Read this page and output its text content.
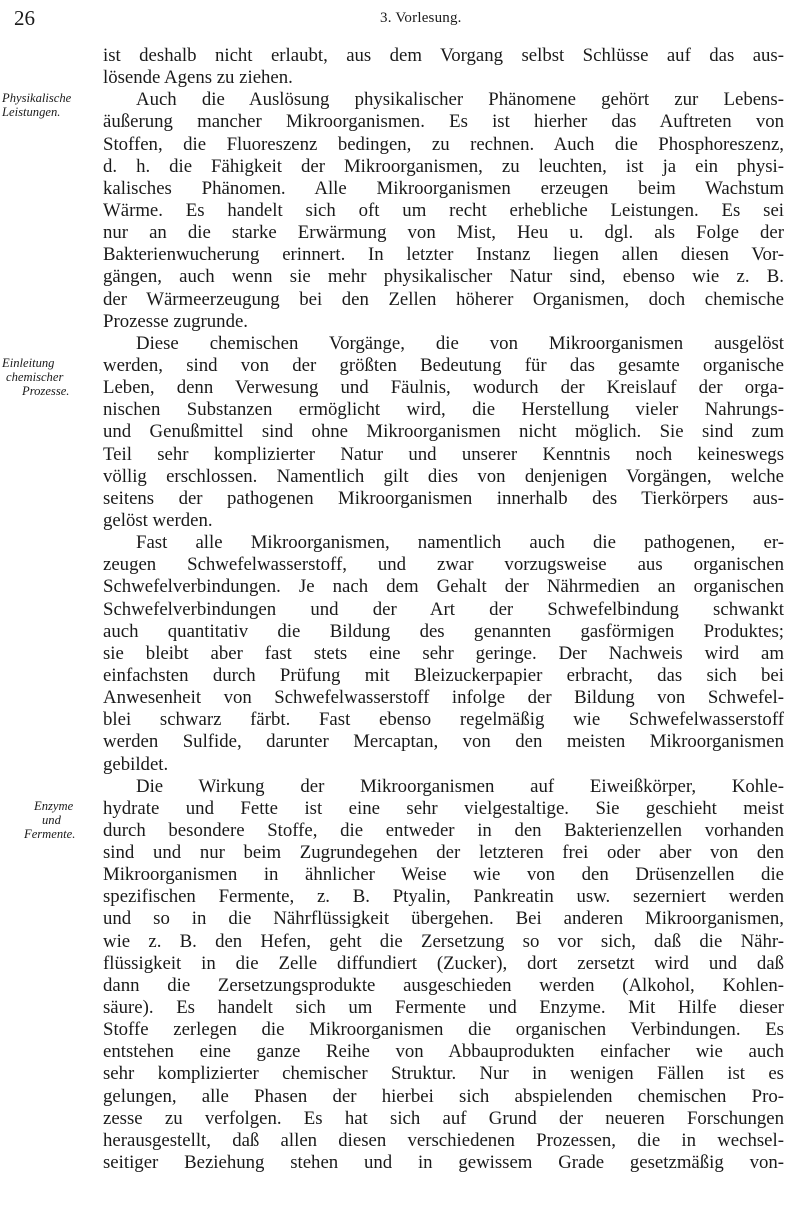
26	3. Vorlesung.
Physikalische
Leistungen.
Einleitung
chemischer
Prozesse.
Enzyme
und
Fermente.
ist deshalb nicht erlaubt, aus dem Vorgang selbst Schlüsse auf das aus-
lösende Agens zu ziehen.
Auch die Auslösung physikalischer Phänomene gehört zur Lebens-
äußerung mancher Mikroorganismen. Es ist hierher das Auftreten von
Stoffen, die Fluoreszenz bedingen, zu rechnen. Auch die Phosphoreszenz,
d. h. die Fähigkeit der Mikroorganismen, zu leuchten, ist ja ein physi-
kalisches Phänomen. Alle Mikroorganismen erzeugen beim Wachstum
Wärme. Es handelt sich oft um recht erhebliche Leistungen. Es sei
nur an die starke Erwärmung von Mist, Heu u. dgl. als Folge der
Bakterienwucherung erinnert. In letzter Instanz liegen allen diesen Vor-
gängen, auch wenn sie mehr physikalischer Natur sind, ebenso wie z. B.
der Wärmeerzeugung bei den Zellen höherer Organismen, doch chemische
Prozesse zugrunde.
Diese chemischen Vorgänge, die von Mikroorganismen ausgelöst
werden, sind von der größten Bedeutung für das gesamte organische
Leben, denn Verwesung und Fäulnis, wodurch der Kreislauf der orga-
nischen Substanzen ermöglicht wird, die Herstellung vieler Nahrungs-
und Genußmittel sind ohne Mikroorganismen nicht möglich. Sie sind zum
Teil sehr komplizierter Natur und unserer Kenntnis noch keineswegs
völlig erschlossen. Namentlich gilt dies von denjenigen Vorgängen, welche
seitens der pathogenen Mikroorganismen innerhalb des Tierkörpers aus-
gelöst werden.
Fast alle Mikroorganismen, namentlich auch die pathogenen, er-
zeugen Schwefelwasserstoff, und zwar vorzugsweise aus organischen
Schwefelverbindungen. Je nach dem Gehalt der Nährmedien an organischen
Schwefelverbindungen und der Art der Schwefelbindung schwankt
auch quantitativ die Bildung des genannten gasförmigen Produktes;
sie bleibt aber fast stets eine sehr geringe. Der Nachweis wird am
einfachsten durch Prüfung mit Bleizuckerpapier erbracht, das sich bei
Anwesenheit von Schwefelwasserstoff infolge der Bildung von Schwefel-
blei schwarz färbt. Fast ebenso regelmäßig wie Schwefelwasserstoff
werden Sulfide, darunter Mercaptan, von den meisten Mikroorganismen
gebildet.
Die Wirkung der Mikroorganismen auf Eiweißkörper, Kohle-
hydrate und Fette ist eine sehr vielgestaltige. Sie geschieht meist
durch besondere Stoffe, die entweder in den Bakterienzellen vorhanden
sind und nur beim Zugrundegehen der letzteren frei oder aber von den
Mikroorganismen in ähnlicher Weise wie von den Drüsenzellen die
spezifischen Fermente, z. B. Ptyalin, Pankreatin usw. sezerniert werden
und so in die Nährflüssigkeit übergehen. Bei anderen Mikroorganismen,
wie z. B. den Hefen, geht die Zersetzung so vor sich, daß die Nähr-
flüssigkeit in die Zelle diffundiert (Zucker), dort zersetzt wird und daß
dann die Zersetzungsprodukte ausgeschieden werden (Alkohol, Kohlen-
säure). Es handelt sich um Fermente und Enzyme. Mit Hilfe dieser
Stoffe zerlegen die Mikroorganismen die organischen Verbindungen. Es
entstehen eine ganze Reihe von Abbauprodukten einfacher wie auch
sehr komplizierter chemischer Struktur. Nur in wenigen Fällen ist es
gelungen, alle Phasen der hierbei sich abspielenden chemischen Pro-
zesse zu verfolgen. Es hat sich auf Grund der neueren Forschungen
herausgestellt, daß allen diesen verschiedenen Prozessen, die in wechsel-
seitiger Beziehung stehen und in gewissem Grade gesetzmäßig von-
